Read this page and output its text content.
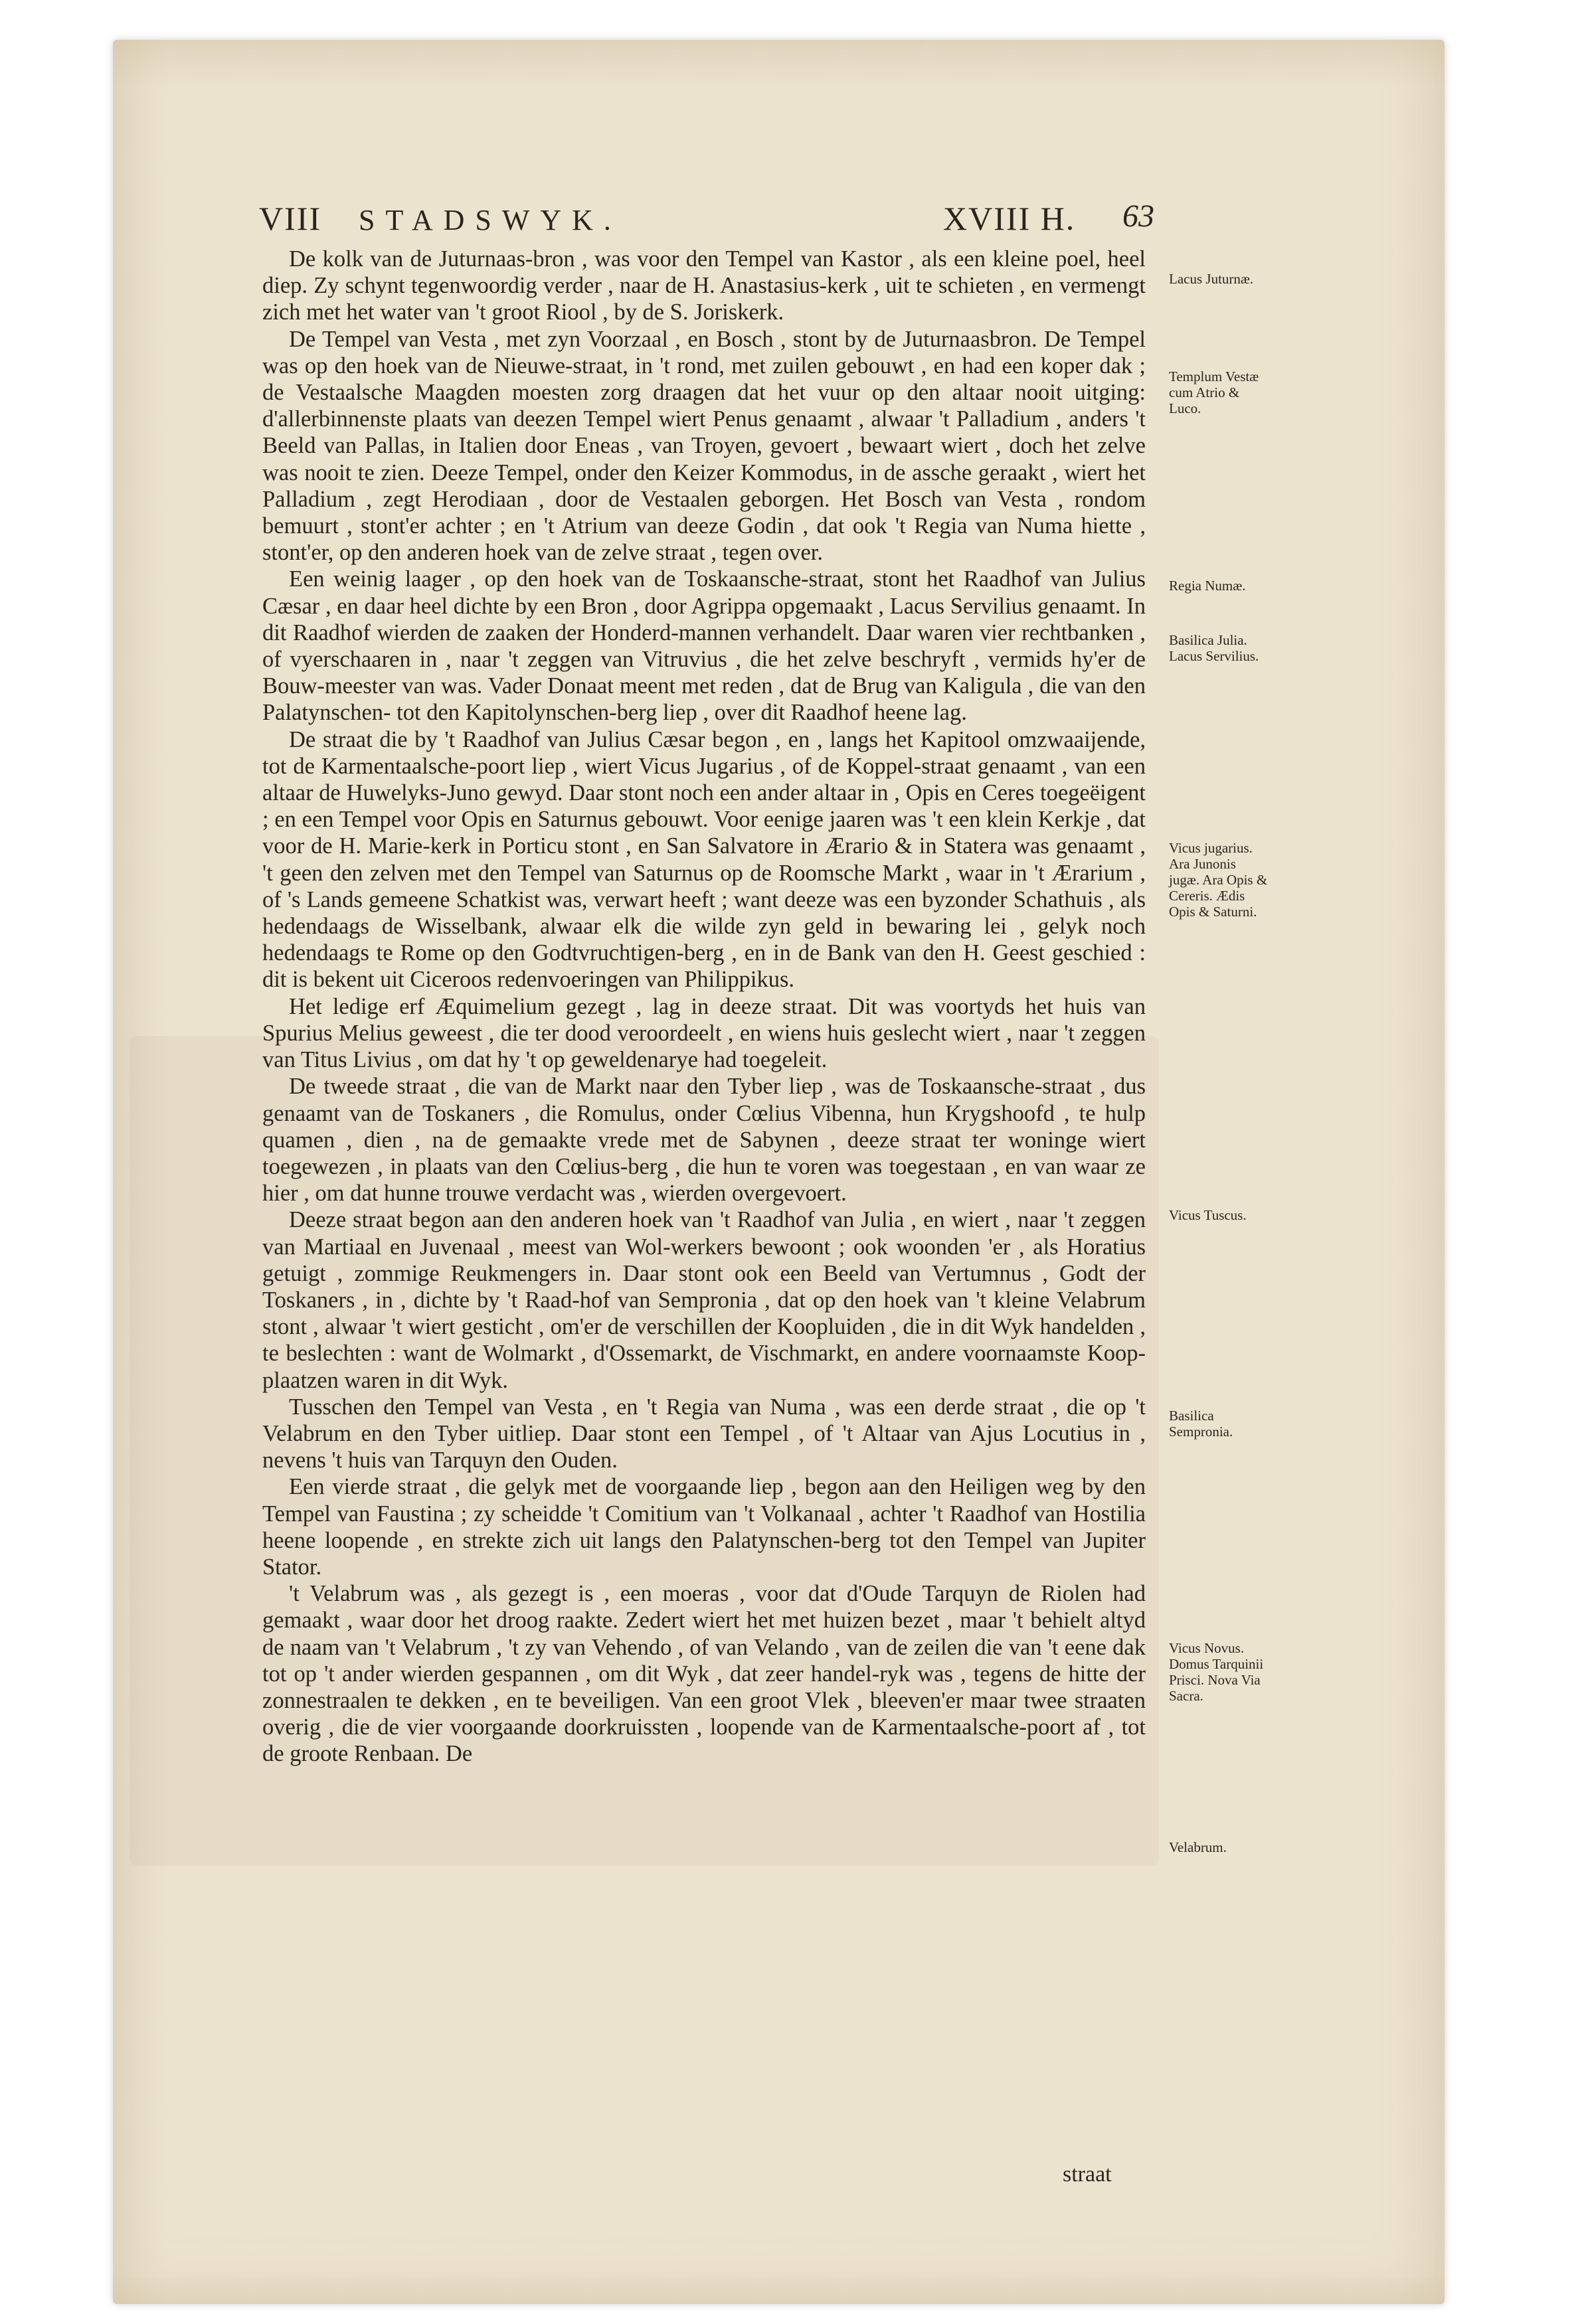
VIII STADSWYK.	XVIII H. 63

De kolk van de Juturnaas-bron , was voor den Tempel van Kastor , als een kleine poel, heel diep. Zy schynt tegenwoordig verder , naar de H. Anastasius-kerk , uit te schieten , en vermengt zich met het water van 't groot Riool , by de S. Joriskerk.

De Tempel van Vesta , met zyn Voorzaal , en Bosch , stont by de Juturnaasbron. De Tempel was op den hoek van de Nieuwe-straat, in 't rond, met zuilen gebouwt , en had een koper dak ; de Vestaalsche Maagden moesten zorg draagen dat het vuur op den altaar nooit uitging: d'allerbinnenste plaats van deezen Tempel wiert Penus genaamt , alwaar 't Palladium , anders 't Beeld van Pallas, in Italien door Eneas , van Troyen, gevoert , bewaart wiert , doch het zelve was nooit te zien. Deeze Tempel, onder den Keizer Kommodus, in de assche geraakt , wiert het Palladium , zegt Herodiaan , door de Vestaalen geborgen. Het Bosch van Vesta , rondom bemuurt , stont'er achter ; en 't Atrium van deeze Godin , dat ook 't Regia van Numa hiette , stont'er, op den anderen hoek van de zelve straat , tegen over.

Een weinig laager , op den hoek van de Toskaansche-straat, stont het Raadhof van Julius Cæsar , en daar heel dichte by een Bron , door Agrippa opgemaakt , Lacus Servilius genaamt. In dit Raadhof wierden de zaaken der Honderd-mannen verhandelt. Daar waren vier rechtbanken , of vyerschaaren in , naar 't zeggen van Vitruvius , die het zelve beschryft , vermids hy'er de Bouw-meester van was. Vader Donaat meent met reden , dat de Brug van Kaligula , die van den Palatynschen- tot den Kapitolynschen-berg liep , over dit Raadhof heene lag.

De straat die by 't Raadhof van Julius Cæsar begon , en , langs het Kapitool omzwaaijende, tot de Karmentaalsche-poort liep , wiert Vicus Jugarius , of de Koppel-straat genaamt , van een altaar de Huwelyks-Juno gewyd. Daar stont noch een ander altaar in , Opis en Ceres toegeëigent ; en een Tempel voor Opis en Saturnus gebouwt. Voor eenige jaaren was 't een klein Kerkje , dat voor de H. Marie-kerk in Porticu stont , en San Salvatore in Ærario & in Statera was genaamt , 't geen den zelven met den Tempel van Saturnus op de Roomsche Markt , waar in 't Ærarium , of 's Lands gemeene Schatkist was, verwart heeft ; want deeze was een byzonder Schathuis , als hedendaags de Wisselbank, alwaar elk die wilde zyn geld in bewaring lei , gelyk noch hedendaags te Rome op den Godtvruchtigen-berg , en in de Bank van den H. Geest geschied : dit is bekent uit Ciceroos redenvoeringen van Philippikus.

Het ledige erf Æquimelium gezegt , lag in deeze straat. Dit was voortyds het huis van Spurius Melius geweest , die ter dood veroordeelt , en wiens huis geslecht wiert , naar 't zeggen van Titus Livius , om dat hy 't op geweldenarye had toegeleit.

De tweede straat , die van de Markt naar den Tyber liep , was de Toskaansche-straat , dus genaamt van de Toskaners , die Romulus, onder Cœlius Vibenna, hun Krygshoofd , te hulp quamen , dien , na de gemaakte vrede met de Sabynen , deeze straat ter woninge wiert toegewezen , in plaats van den Cœlius-berg , die hun te voren was toegestaan , en van waar ze hier , om dat hunne trouwe verdacht was , wierden overgevoert.

Deeze straat begon aan den anderen hoek van 't Raadhof van Julia , en wiert , naar 't zeggen van Martiaal en Juvenaal , meest van Wol-werkers bewoont ; ook woonden 'er , als Horatius getuigt , zommige Reukmengers in. Daar stont ook een Beeld van Vertumnus , Godt der Toskaners , in , dichte by 't Raad-hof van Sempronia , dat op den hoek van 't kleine Velabrum stont , alwaar 't wiert gesticht , om'er de verschillen der Koopluiden , die in dit Wyk handelden , te beslechten : want de Wolmarkt , d'Ossemarkt, de Vischmarkt, en andere voornaamste Koop-plaatzen waren in dit Wyk.

Tusschen den Tempel van Vesta , en 't Regia van Numa , was een derde straat , die op 't Velabrum en den Tyber uitliep. Daar stont een Tempel , of 't Altaar van Ajus Locutius in , nevens 't huis van Tarquyn den Ouden.

Een vierde straat , die gelyk met de voorgaande liep , begon aan den Heiligen weg by den Tempel van Faustina ; zy scheidde 't Comitium van 't Volkanaal , achter 't Raadhof van Hostilia heene loopende , en strekte zich uit langs den Palatynschen-berg tot den Tempel van Jupiter Stator.

't Velabrum was , als gezegt is , een moeras , voor dat d'Oude Tarquyn de Riolen had gemaakt , waar door het droog raakte. Zedert wiert het met huizen bezet , maar 't behielt altyd de naam van 't Velabrum , 't zy van Vehendo , of van Velando , van de zeilen die van 't eene dak tot op 't ander wierden gespannen , om dit Wyk , dat zeer handel-ryk was , tegens de hitte der zonnestraalen te dekken , en te beveiligen. Van een groot Vlek , bleeven'er maar twee straaten overig , die de vier voorgaande doorkruissten , loopende van de Karmentaalsche-poort af , tot de groote Renbaan. De

straat
Lacus Juturnæ.
Templum Vestæ cum Atrio & Luco.
Regia Numæ.
Basilica Julia. Lacus Servilius.
Vicus jugarius. Ara Junonis jugæ. Ara Opis & Cereris. Ædis Opis & Saturni.
Vicus Tuscus.
Basilica Sempronia.
Vicus Novus. Domus Tarquinii Prisci. Nova Via Sacra.
Velabrum.
